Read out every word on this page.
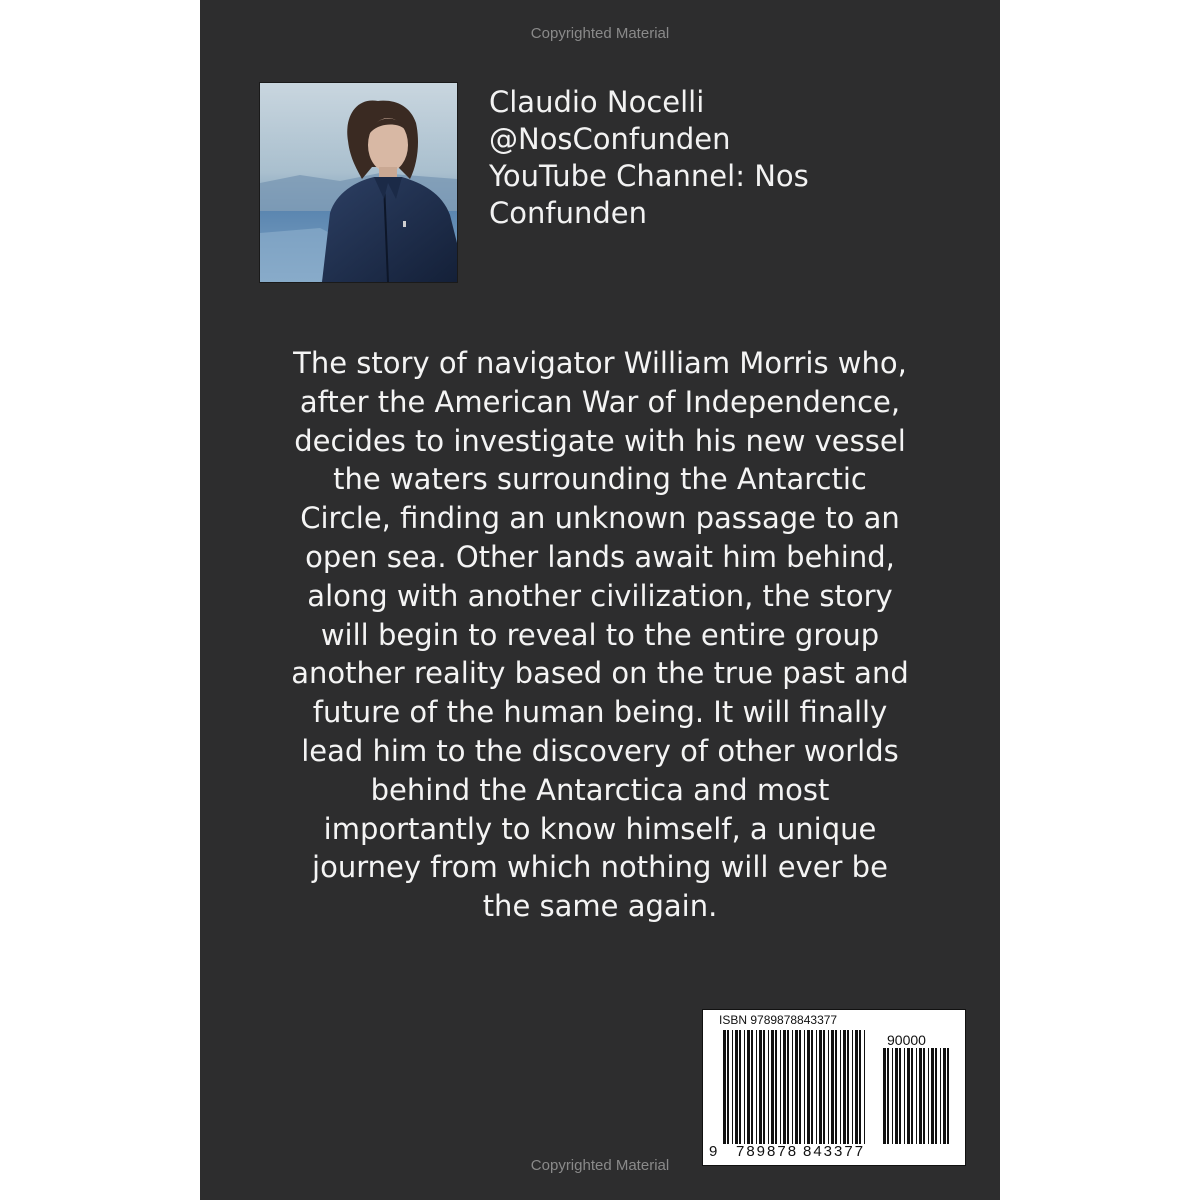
Copyrighted Material
Claudio Nocelli
@NosConfunden
YouTube Channel: Nos
Confunden
The story of navigator William Morris who,
after the American War of Independence,
decides to investigate with his new vessel
the waters surrounding the Antarctic
Circle, finding an unknown passage to an
open sea. Other lands await him behind,
along with another civilization, the story
will begin to reveal to the entire group
another reality based on the true past and
future of the human being. It will finally
lead him to the discovery of other worlds
behind the Antarctica and most
importantly to know himself, a unique
journey from which nothing will ever be
the same again.
ISBN 9789878843377
90000
9 789878 843377
Copyrighted Material
